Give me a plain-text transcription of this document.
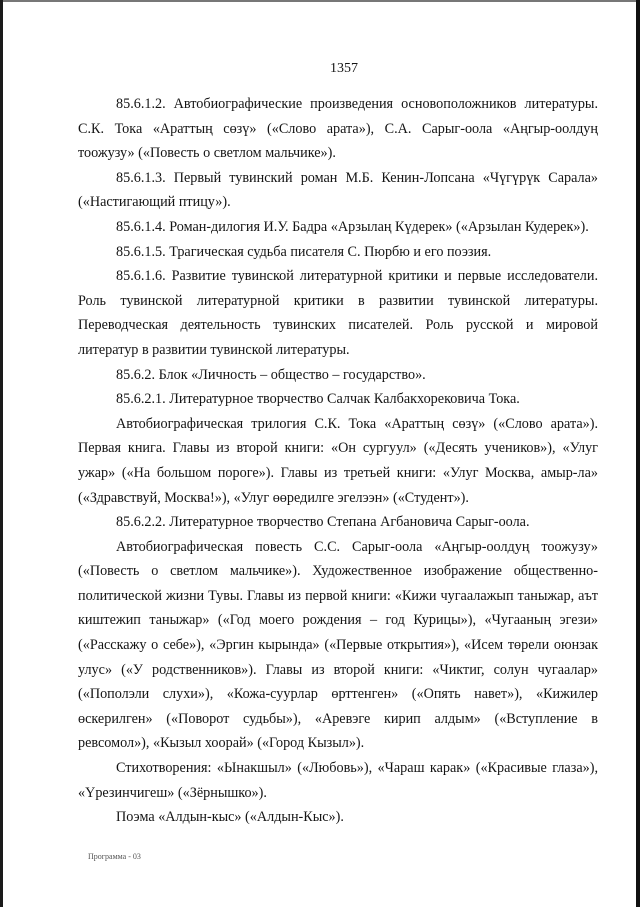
1357

85.6.1.2. Автобиографические произведения основоположников литературы. С.К. Тока «Араттың сөзү» («Слово арата»), С.А. Сарыг-оола «Аңгыр-оолдуң тоожузу» («Повесть о светлом мальчике»).

85.6.1.3. Первый тувинский роман М.Б. Кенин-Лопсана «Чүгүрүк Сарала» («Настигающий птицу»).

85.6.1.4. Роман-дилогия И.У. Бадра «Арзылаң Күдерек» («Арзылан Кудерек»).

85.6.1.5. Трагическая судьба писателя С. Пюрбю и его поэзия.

85.6.1.6. Развитие тувинской литературной критики и первые исследователи. Роль тувинской литературной критики в развитии тувинской литературы. Переводческая деятельность тувинских писателей. Роль русской и мировой литератур в развитии тувинской литературы.

85.6.2. Блок «Личность – общество – государство».

85.6.2.1. Литературное творчество Салчак Калбакхорековича Тока.

Автобиографическая трилогия С.К. Тока «Араттың сөзү» («Слово арата»). Первая книга. Главы из второй книги: «Он сургуул» («Десять учеников»), «Улуг ужар» («На большом пороге»). Главы из третьей книги: «Улуг Москва, амыр-ла» («Здравствуй, Москва!»), «Улуг өөредилге эгелээн» («Студент»).

85.6.2.2. Литературное творчество Степана Агбановича Сарыг-оола.

Автобиографическая повесть С.С. Сарыг-оола «Аңгыр-оолдуң тоожузу» («Повесть о светлом мальчике»). Художественное изображение общественно-политической жизни Тувы. Главы из первой книги: «Кижи чугаалажып таныжар, аът киштежип таныжар» («Год моего рождения – год Курицы»), «Чугааның эгези» («Расскажу о себе»), «Эргин кырында» («Первые открытия»), «Исем төрели оюнзак улус» («У родственников»). Главы из второй книги: «Чиктиг, солун чугаалар» («Пополэли слухи»), «Кожа-суурлар өрттенген» («Опять навет»), «Кижилер өскерилген» («Поворот судьбы»), «Аревэге кирип алдым» («Вступление в ревсомол»), «Кызыл хоорай» («Город Кызыл»).

Стихотворения: «Ынакшыл» («Любовь»), «Чараш карак» («Красивые глаза»), «Үрезинчигеш» («Зёрнышко»).

Поэма «Алдын-кыс» («Алдын-Кыс»).

Программа - 03
